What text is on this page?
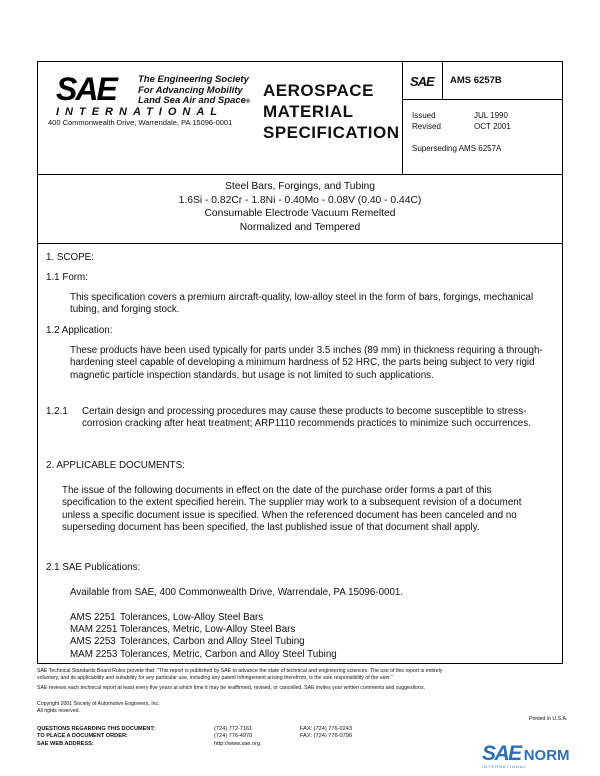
SAE The Engineering Society
For Advancing Mobility
Land Sea Air and Space®
INTERNATIONAL
400 Commonwealth Drive, Warrendale, PA 15096-0001
AEROSPACE
MATERIAL
SPECIFICATION
SAE AMS 6257B
Issued	JUL 1990
Revised	OCT 2001
Superseding AMS 6257A
Steel Bars, Forgings, and Tubing
1.6Si - 0.82Cr - 1.8Ni - 0.40Mo - 0.08V (0.40 - 0.44C)
Consumable Electrode Vacuum Remelted
Normalized and Tempered
1. SCOPE:
1.1 Form:
This specification covers a premium aircraft-quality, low-alloy steel in the form of bars, forgings, mechanical tubing, and forging stock.
1.2 Application:
These products have been used typically for parts under 3.5 inches (89 mm) in thickness requiring a through-hardening steel capable of developing a minimum hardness of 52 HRC, the parts being subject to very rigid magnetic particle inspection standards, but usage is not limited to such applications.
1.2.1 Certain design and processing procedures may cause these products to become susceptible to stress-corrosion cracking after heat treatment; ARP1110 recommends practices to minimize such occurrences.
2. APPLICABLE DOCUMENTS:
The issue of the following documents in effect on the date of the purchase order forms a part of this specification to the extent specified herein. The supplier may work to a subsequent revision of a document unless a specific document issue is specified. When the referenced document has been canceled and no superseding document has been specified, the last published issue of that document shall apply.
2.1 SAE Publications:
Available from SAE, 400 Commonwealth Drive, Warrendale, PA 15096-0001.
AMS 2251 Tolerances, Low-Alloy Steel Bars
MAM 2251 Tolerances, Metric, Low-Alloy Steel Bars
AMS 2253 Tolerances, Carbon and Alloy Steel Tubing
MAM 2253 Tolerances, Metric, Carbon and Alloy Steel Tubing
SAE Technical Standards Board Rules provide that: "This report is published by SAE to advance the state of technical and engineering sciences. The use of this report is entirely
voluntary, and its applicability and suitability for any particular use, including any patent infringement arising therefrom, is the sole responsibility of the user."
SAE reviews each technical report at least every five years at which time it may be reaffirmed, revised, or cancelled. SAE invites your written comments and suggestions.
Copyright 2001 Society of Automotive Engineers, Inc.
All rights reserved.
Printed in U.S.A.
QUESTIONS REGARDING THIS DOCUMENT:	(724) 772-7161	FAX: (724) 776-0243
TO PLACE A DOCUMENT ORDER:	(724) 776-4970	FAX: (724) 776-0790
SAE WEB ADDRESS:	http://www.sae.org	SAE NORM
INTERNATIONAL
